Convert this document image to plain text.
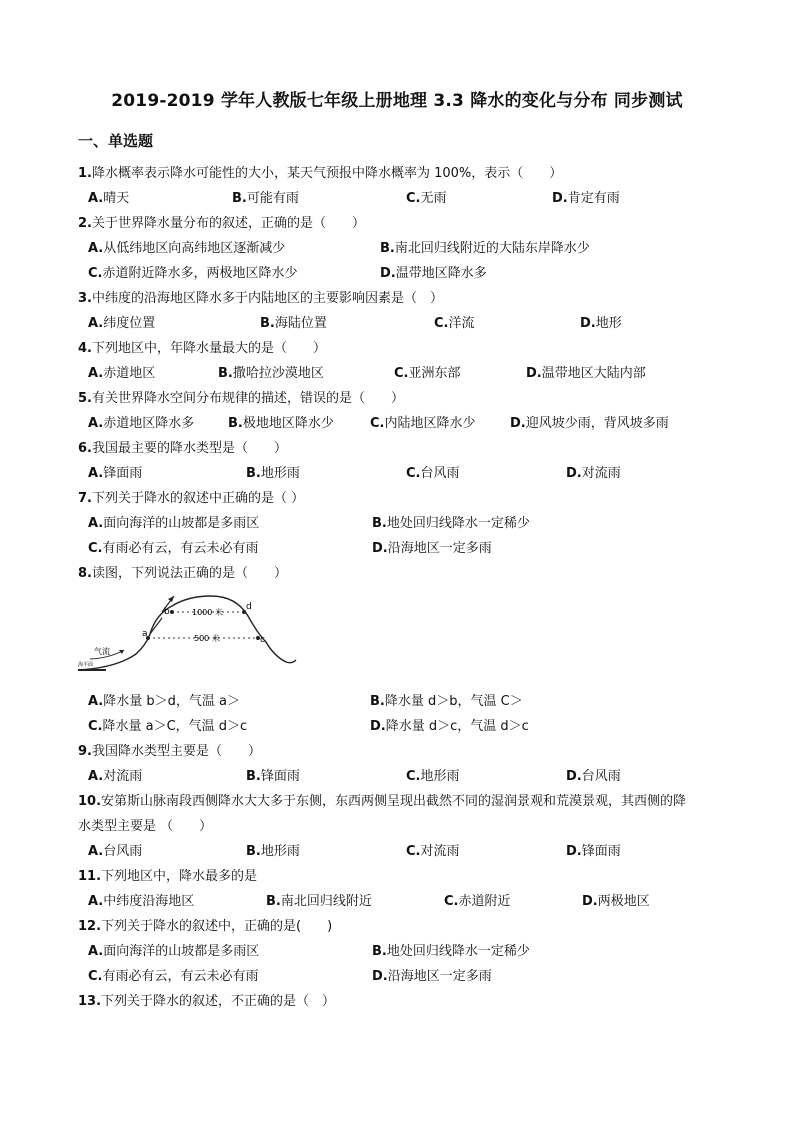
2019-2019 学年人教版七年级上册地理 3.3 降水的变化与分布 同步测试
一、单选题
1.降水概率表示降水可能性的大小，某天气预报中降水概率为 100%，表示（　　）
A.晴天	B.可能有雨	C.无雨	D.肯定有雨
2.关于世界降水量分布的叙述，正确的是（　　）
A.从低纬地区向高纬地区逐渐减少	B.南北回归线附近的大陆东岸降水少
C.赤道附近降水多，两极地区降水少	D.温带地区降水多
3.中纬度的沿海地区降水多于内陆地区的主要影响因素是（　）
A.纬度位置	B.海陆位置	C.洋流	D.地形
4.下列地区中，年降水量最大的是（　　）
A.赤道地区	B.撒哈拉沙漠地区	C.亚洲东部	D.温带地区大陆内部
5.有关世界降水空间分布规律的描述，错误的是（　　）
A.赤道地区降水多	B.极地地区降水少	C.内陆地区降水少	D.迎风坡少雨，背风坡多雨
6.我国最主要的降水类型是（　　）
A.锋面雨	B.地形雨	C.台风雨	D.对流雨
7.下列关于降水的叙述中正确的是（ ）
A.面向海洋的山坡都是多雨区	B.地处回归线降水一定稀少
C.有雨必有云，有云未必有雨	D.沿海地区一定多雨
8.读图，下列说法正确的是（　　）
a
b
c
d
1000 米
500 米
气流
海平面
A.降水量 b＞d，气温 a＞	B.降水量 d＞b，气温 C＞
C.降水量 a＞C，气温 d＞c	D.降水量 d＞c，气温 d＞c
9.我国降水类型主要是（　　）
A.对流雨	B.锋面雨	C.地形雨	D.台风雨
10.安第斯山脉南段西侧降水大大多于东侧，东西两侧呈现出截然不同的湿润景观和荒漠景观，其西侧的降
水类型主要是 （　　）
A.台风雨	B.地形雨	C.对流雨	D.锋面雨
11.下列地区中，降水最多的是
A.中纬度沿海地区	B.南北回归线附近	C.赤道附近	D.两极地区
12.下列关于降水的叙述中，正确的是(　　)
A.面向海洋的山坡都是多雨区	B.地处回归线降水一定稀少
C.有雨必有云，有云未必有雨	D.沿海地区一定多雨
13.下列关于降水的叙述，不正确的是（　）
